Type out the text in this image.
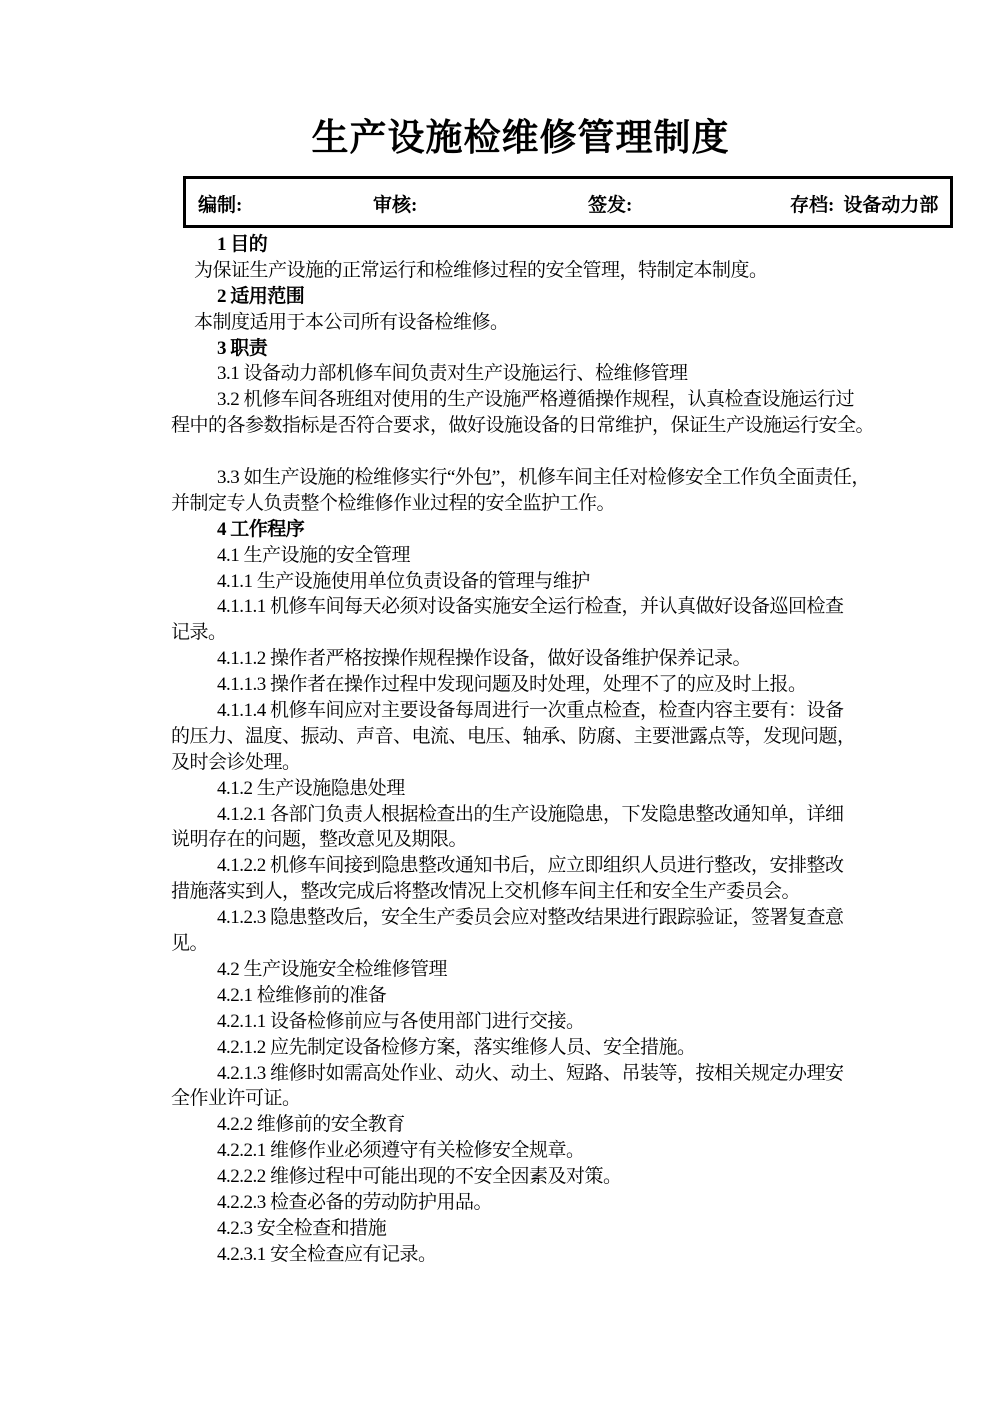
生产设施检维修管理制度
编制:	审核:	签发:	存档: 设备动力部
1 目的
为保证生产设施的正常运行和检维修过程的安全管理，特制定本制度。
2 适用范围
本制度适用于本公司所有设备检维修。
3 职责
3.1 设备动力部机修车间负责对生产设施运行、检维修管理
3.2 机修车间各班组对使用的生产设施严格遵循操作规程，认真检查设施运行过
程中的各参数指标是否符合要求，做好设施设备的日常维护，保证生产设施运行安全。

3.3 如生产设施的检维修实行“外包”，机修车间主任对检修安全工作负全面责任，
并制定专人负责整个检维修作业过程的安全监护工作。
4 工作程序
4.1 生产设施的安全管理
4.1.1 生产设施使用单位负责设备的管理与维护
4.1.1.1 机修车间每天必须对设备实施安全运行检查，并认真做好设备巡回检查
记录。
4.1.1.2 操作者严格按操作规程操作设备，做好设备维护保养记录。
4.1.1.3 操作者在操作过程中发现问题及时处理，处理不了的应及时上报。
4.1.1.4 机修车间应对主要设备每周进行一次重点检查，检查内容主要有：设备
的压力、温度、振动、声音、电流、电压、轴承、防腐、主要泄露点等，发现问题，
及时会诊处理。
4.1.2 生产设施隐患处理
4.1.2.1 各部门负责人根据检查出的生产设施隐患，下发隐患整改通知单，详细
说明存在的问题，整改意见及期限。
4.1.2.2 机修车间接到隐患整改通知书后，应立即组织人员进行整改，安排整改
措施落实到人，整改完成后将整改情况上交机修车间主任和安全生产委员会。
4.1.2.3 隐患整改后，安全生产委员会应对整改结果进行跟踪验证，签署复查意
见。
4.2 生产设施安全检维修管理
4.2.1 检维修前的准备
4.2.1.1 设备检修前应与各使用部门进行交接。
4.2.1.2 应先制定设备检修方案，落实维修人员、安全措施。
4.2.1.3 维修时如需高处作业、动火、动土、短路、吊装等，按相关规定办理安
全作业许可证。
4.2.2 维修前的安全教育
4.2.2.1 维修作业必须遵守有关检修安全规章。
4.2.2.2 维修过程中可能出现的不安全因素及对策。
4.2.2.3 检查必备的劳动防护用品。
4.2.3 安全检查和措施
4.2.3.1 安全检查应有记录。
